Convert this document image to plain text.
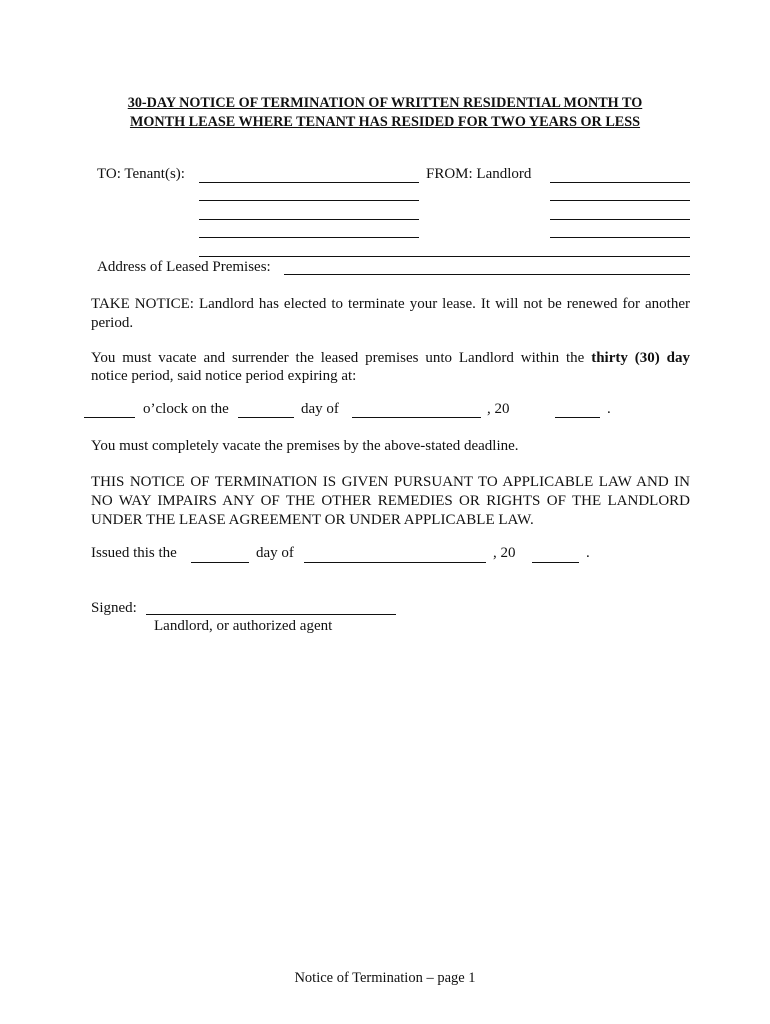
30-DAY NOTICE OF TERMINATION OF WRITTEN RESIDENTIAL MONTH TO
MONTH LEASE WHERE TENANT HAS RESIDED FOR TWO YEARS OR LESS
TO: Tenant(s):	FROM: Landlord
Address of Leased Premises:
TAKE NOTICE: Landlord has elected to terminate your lease. It will not be renewed for another period.
You must vacate and surrender the leased premises unto Landlord within the thirty (30) day
notice period, said notice period expiring at:
o’clock on the	day of	, 20	.
You must completely vacate the premises by the above-stated deadline.
THIS NOTICE OF TERMINATION IS GIVEN PURSUANT TO APPLICABLE LAW AND IN NO WAY IMPAIRS ANY OF THE OTHER REMEDIES OR RIGHTS OF THE LANDLORD UNDER THE LEASE AGREEMENT OR UNDER APPLICABLE LAW.
Issued this the	day of	, 20	.
Signed:
Landlord, or authorized agent
Notice of Termination – page 1
